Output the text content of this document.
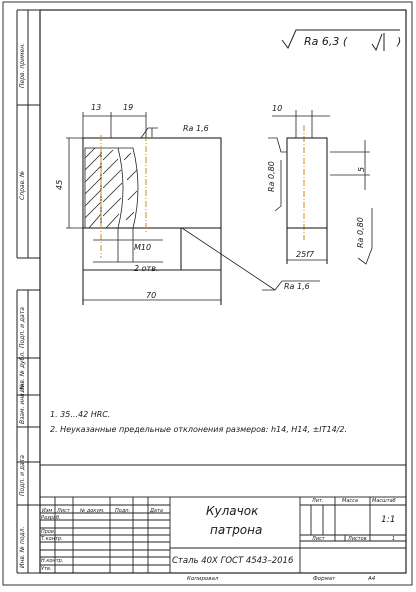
Перв. примен.
Справ. №
Подп. и дата
Инв. № дубл.
Взам. инв. №
Подп. и дата
Инв. № подл.
Ra 6,3 (	)
Ra 1,6
Ra 1,6
Ra 0,80
Ra 0,80
13	19
45
70
M10
2 отв.
10
5
25f7
1. 35...42 HRC.
2. Неуказанные предельные отклонения размеров: h14, H14, ±IT14/2.
Изм Лист № докум. Подп.	Дата
Разраб.
Пров.
Т.контр.
Н.контр.
Утв.
Кулачок
патрона
Сталь 40Х ГОСТ 4543–2016
Лит.	Масса	Масштаб
1:1
Лист	Листов	1
Копировал	Формат	A4
